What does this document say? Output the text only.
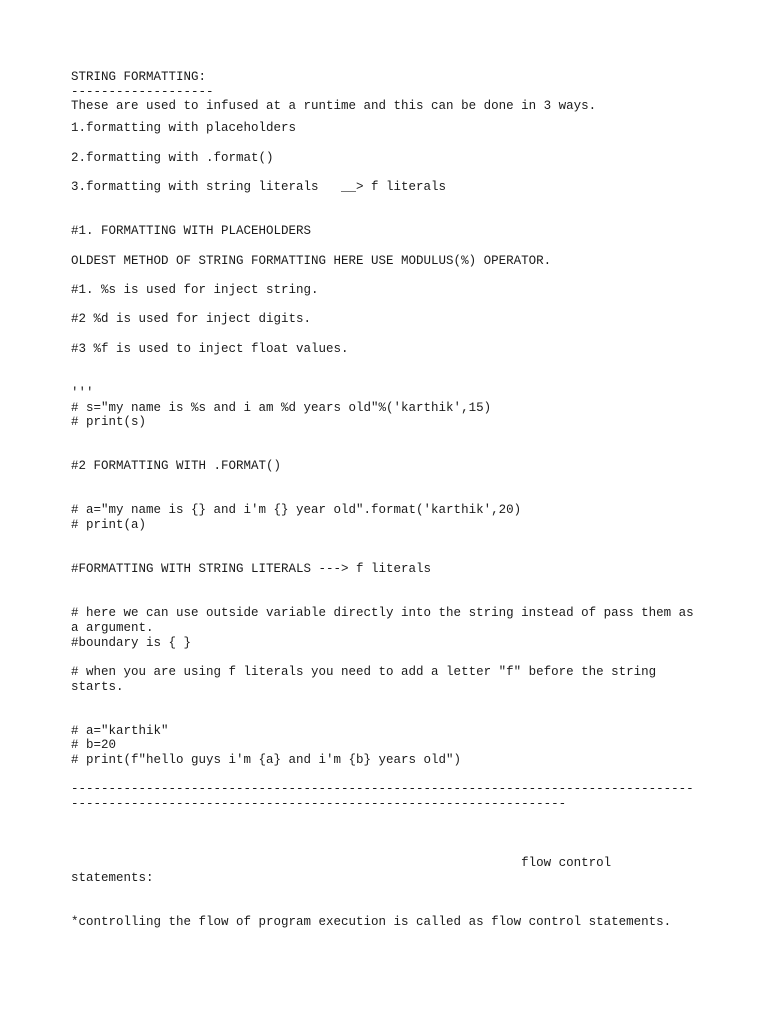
STRING FORMATTING:
-------------------
These are used to infused at a runtime and this can be done in 3 ways.
1.formatting with placeholders
2.formatting with .format()
3.formatting with string literals   __> f literals
#1. FORMATTING WITH PLACEHOLDERS
OLDEST METHOD OF STRING FORMATTING HERE USE MODULUS(%) OPERATOR.
#1. %s is used for inject string.
#2 %d is used for inject digits.
#3 %f is used to inject float values.
'''
# s="my name is %s and i am %d years old"%('karthik',15)
# print(s)
#2 FORMATTING WITH .FORMAT()
# a="my name is {} and i'm {} year old".format('karthik',20)
# print(a)
#FORMATTING WITH STRING LITERALS ---> f literals
# here we can use outside variable directly into the string instead of pass them as
a argument.
#boundary is { }
# when you are using f literals you need to add a letter "f" before the string
starts.
# a="karthik"
# b=20
# print(f"hello guys i'm {a} and i'm {b} years old")
-----------------------------------------------------------------------------------
------------------------------------------------------------------
flow control
statements:
*controlling the flow of program execution is called as flow control statements.
